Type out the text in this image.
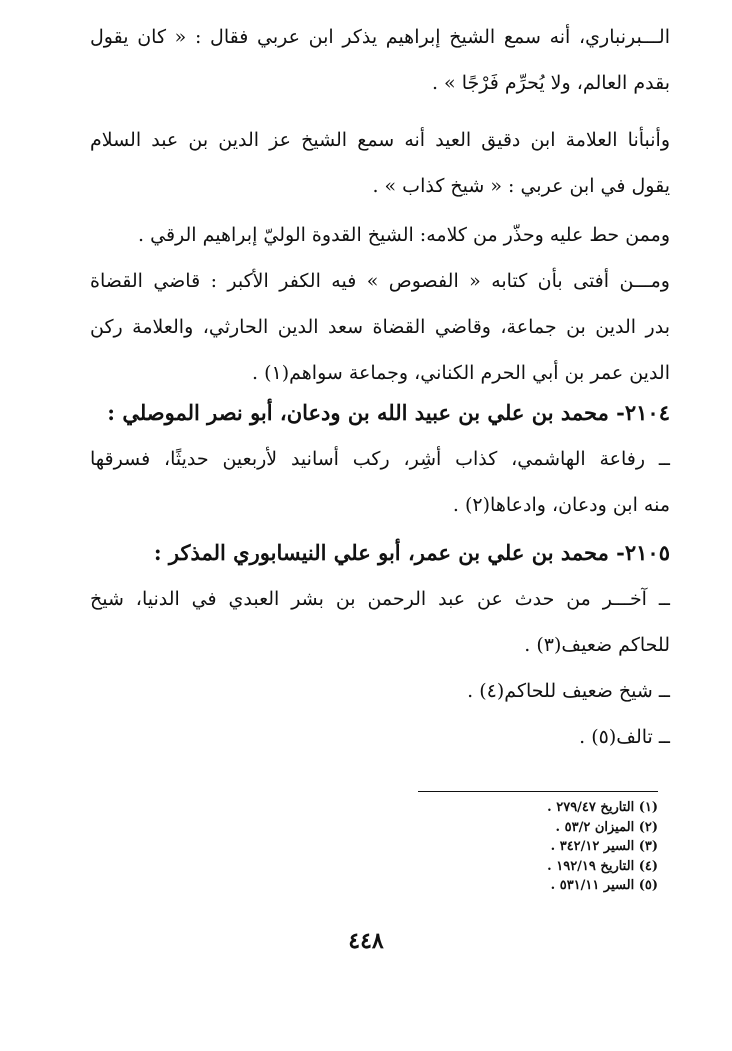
الـــبرنباري، أنه سمع الشيخ إبراهيم يذكر ابن عربي فقال : « كان يقول
بقدم العالم، ولا يُحرِّم فَرْجًا » .
وأنبأنا العلامة ابن دقيق العيد أنه سمع الشيخ عز الدين بن عبد السلام
يقول في ابن عربي : « شيخ كذاب » .
وممن حط عليه وحذّر من كلامه: الشيخ القدوة الوليّ إبراهيم الرقي .
ومـــن أفتى بأن كتابه « الفصوص » فيه الكفر الأكبر : قاضي القضاة
بدر الدين بن جماعة، وقاضي القضاة سعد الدين الحارثي، والعلامة ركن
الدين عمر بن أبي الحرم الكناني، وجماعة سواهم(١) .
٢١٠٤- محمد بن علي بن عبيد الله بن ودعان، أبو نصر الموصلي :
ــ رفاعة الهاشمي، كذاب أشِر، ركب أسانيد لأربعين حديثًا، فسرقها
منه ابن ودعان، وادعاها(٢) .
٢١٠٥- محمد بن علي بن عمر، أبو علي النيسابوري المذكر :
ــ آخـــر من حدث عن عبد الرحمن بن بشر العبدي في الدنيا، شيخ
للحاكم ضعيف(٣) .
ــ شيخ ضعيف للحاكم(٤) .
ــ تالف(٥) .
(١) التاريخ ٢٧٩/٤٧ .
(٢) الميزان ٥٣/٢ .
(٣) السير ٣٤٢/١٢ .
(٤) التاريخ ١٩٢/١٩ .
(٥) السير ٥٣١/١١ .
٤٤٨
